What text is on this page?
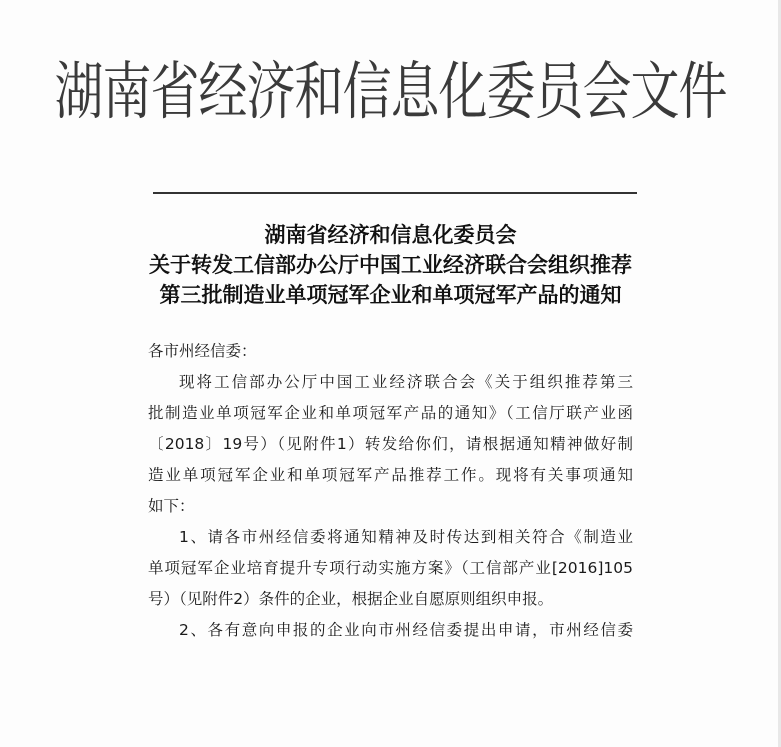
湖南省经济和信息化委员会文件
湖南省经济和信息化委员会
关于转发工信部办公厅中国工业经济联合会组织推荐
第三批制造业单项冠军企业和单项冠军产品的通知
各市州经信委：
现将工信部办公厅中国工业经济联合会《关于组织推荐第三
批制造业单项冠军企业和单项冠军产品的通知》（工信厅联产业函
〔2018〕19号）（见附件1）转发给你们，请根据通知精神做好制
造业单项冠军企业和单项冠军产品推荐工作。现将有关事项通知
如下：
1、请各市州经信委将通知精神及时传达到相关符合《制造业
单项冠军企业培育提升专项行动实施方案》（工信部产业[2016]105
号）（见附件2）条件的企业，根据企业自愿原则组织申报。
2、各有意向申报的企业向市州经信委提出申请，市州经信委
